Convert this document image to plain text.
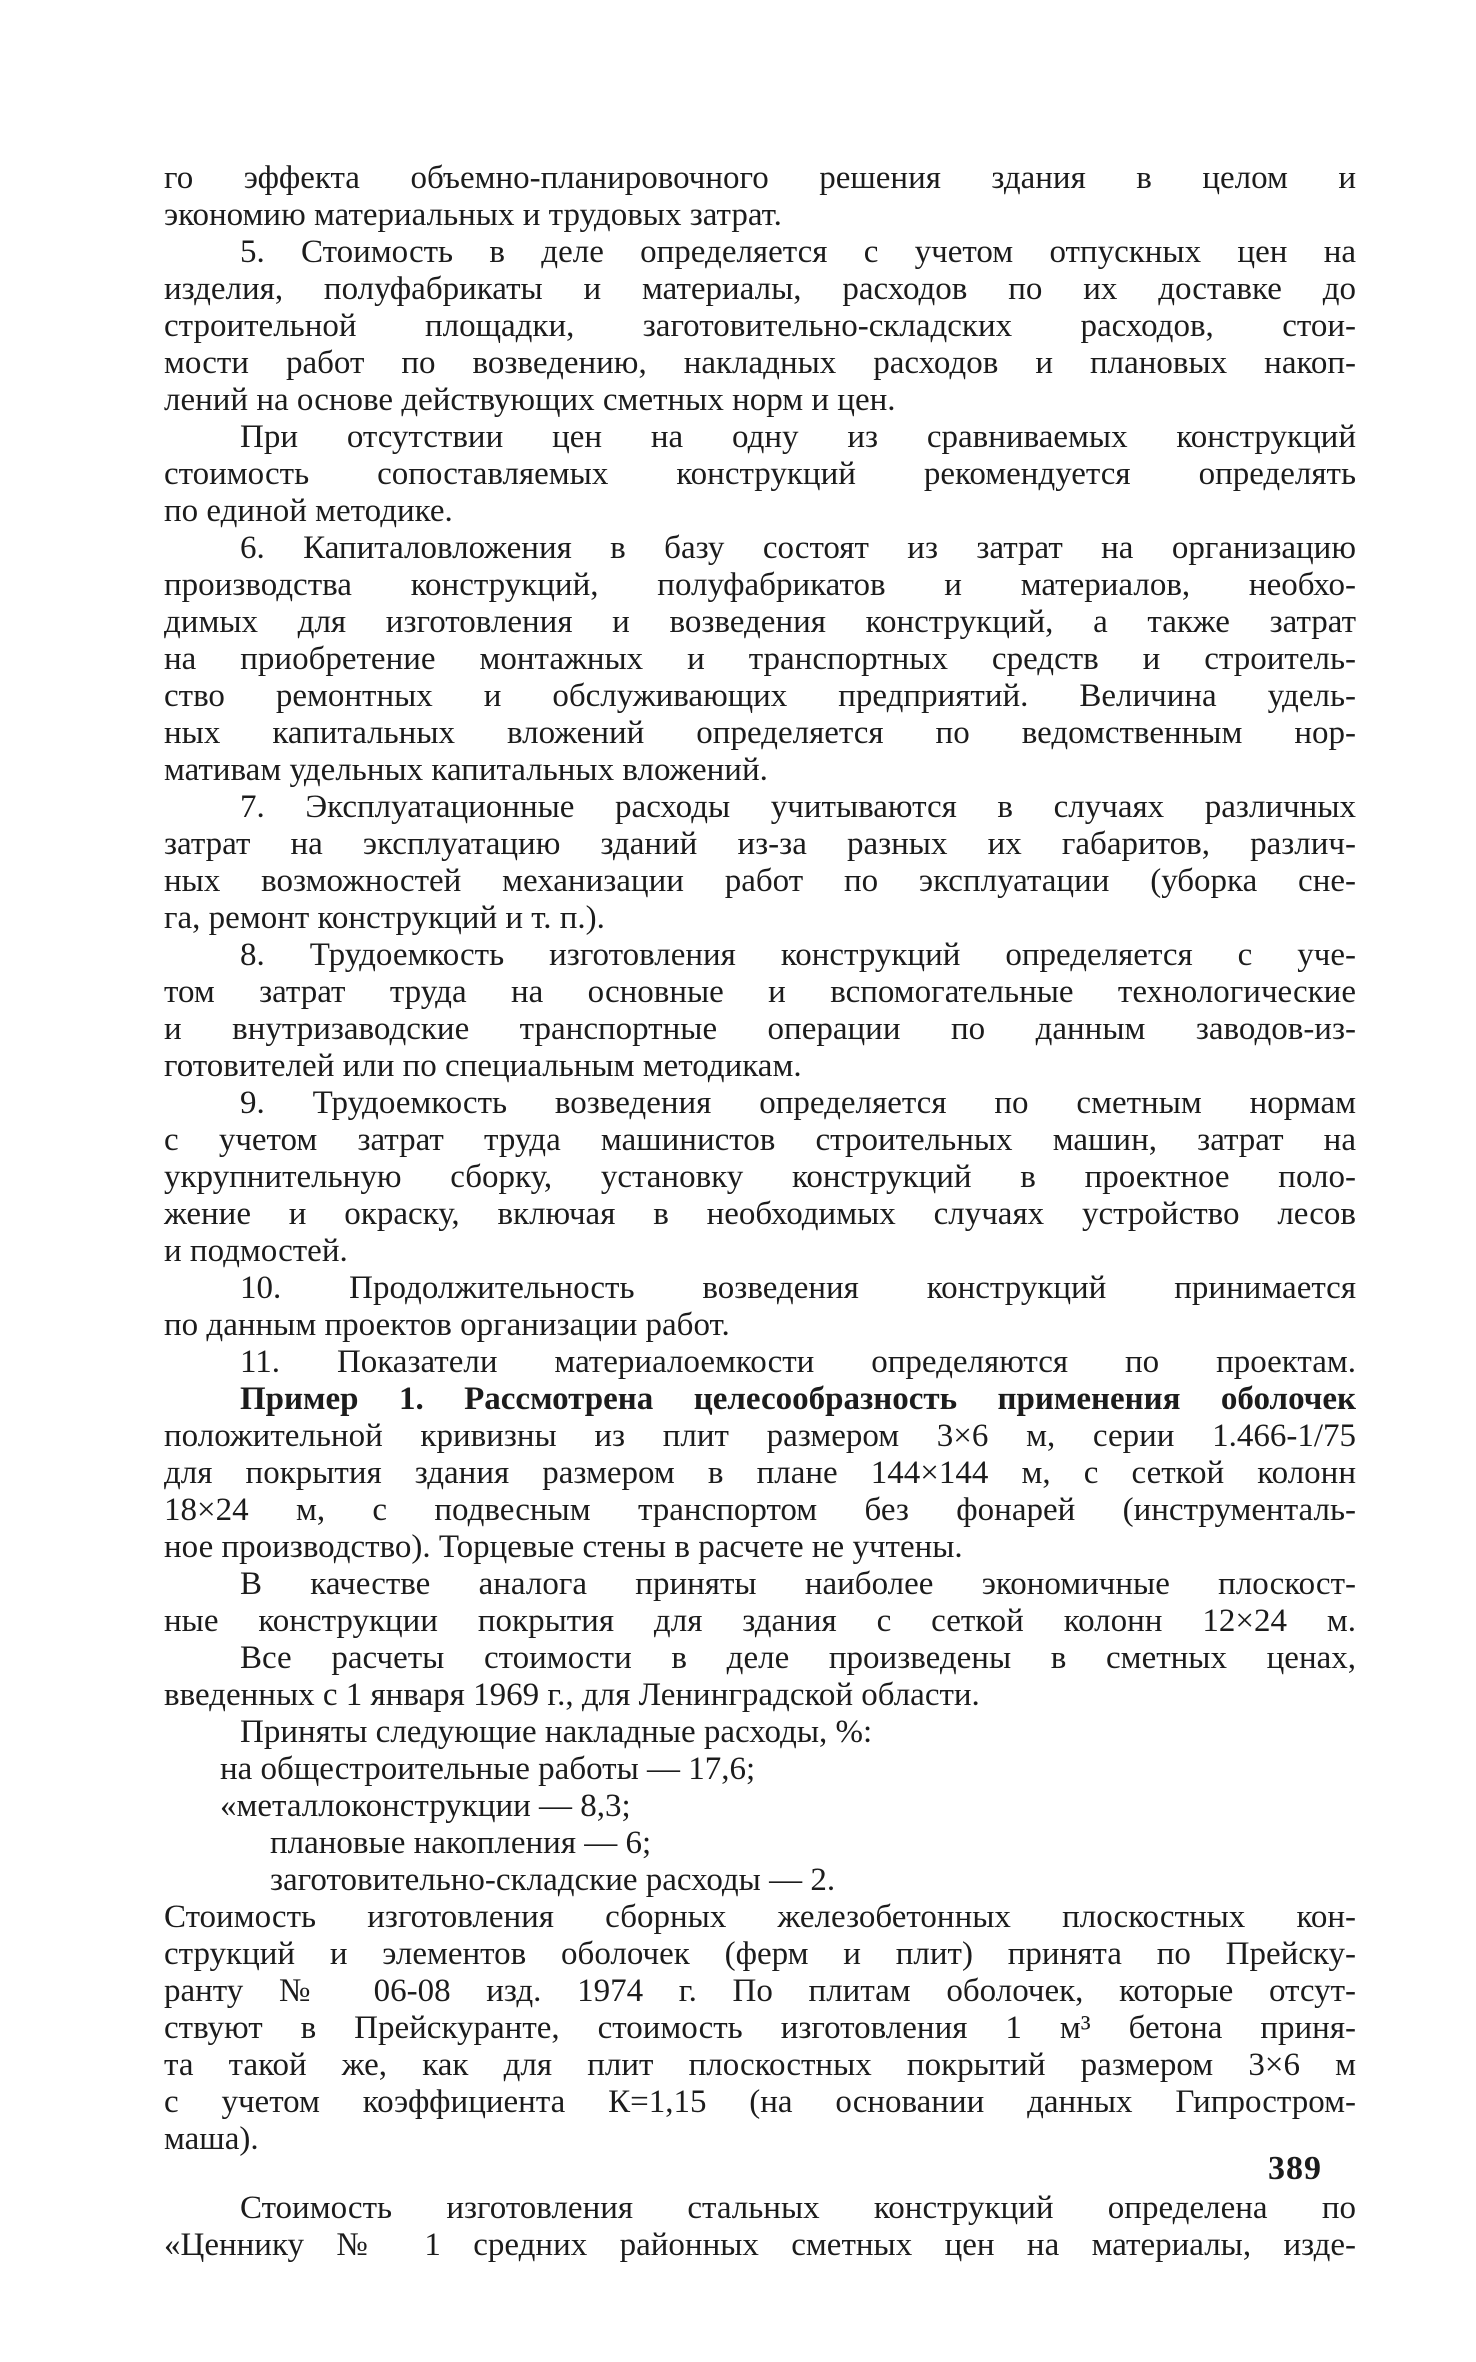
го эффекта объемно-планировочного решения здания в целом и
экономию материальных и трудовых затрат.
5. Стоимость в деле определяется с учетом отпускных цен на
изделия, полуфабрикаты и материалы, расходов по их доставке до
строительной площадки, заготовительно-складских расходов, стои-
мости работ по возведению, накладных расходов и плановых накоп-
лений на основе действующих сметных норм и цен.
При отсутствии цен на одну из сравниваемых конструкций
стоимость сопоставляемых конструкций рекомендуется определять
по единой методике.
6. Капиталовложения в базу состоят из затрат на организацию
производства конструкций, полуфабрикатов и материалов, необхо-
димых для изготовления и возведения конструкций, а также затрат
на приобретение монтажных и транспортных средств и строитель-
ство ремонтных и обслуживающих предприятий. Величина удель-
ных капитальных вложений определяется по ведомственным нор-
мативам удельных капитальных вложений.
7. Эксплуатационные расходы учитываются в случаях различных
затрат на эксплуатацию зданий из-за разных их габаритов, различ-
ных возможностей механизации работ по эксплуатации (уборка сне-
га, ремонт конструкций и т. п.).
8. Трудоемкость изготовления конструкций определяется с уче-
том затрат труда на основные и вспомогательные технологические
и внутризаводские транспортные операции по данным заводов-из-
готовителей или по специальным методикам.
9. Трудоемкость возведения определяется по сметным нормам
с учетом затрат труда машинистов строительных машин, затрат на
укрупнительную сборку, установку конструкций в проектное поло-
жение и окраску, включая в необходимых случаях устройство лесов
и подмостей.
10. Продолжительность возведения конструкций принимается
по данным проектов организации работ.
11. Показатели материалоемкости определяются по проектам.
Пример 1. Рассмотрена целесообразность применения оболочек
положительной кривизны из плит размером 3×6 м, серии 1.466-1/75
для покрытия здания размером в плане 144×144 м, с сеткой колонн
18×24 м, с подвесным транспортом без фонарей (инструменталь-
ное производство). Торцевые стены в расчете не учтены.
В качестве аналога приняты наиболее экономичные плоскост-
ные конструкции покрытия для здания с сеткой колонн 12×24 м.
Все расчеты стоимости в деле произведены в сметных ценах,
введенных с 1 января 1969 г., для Ленинградской области.
Приняты следующие накладные расходы, %:
на общестроительные работы — 17,6;
«металлоконструкции — 8,3;
плановые накопления — 6;
заготовительно-складские расходы — 2.
Стоимость изготовления сборных железобетонных плоскостных кон-
струкций и элементов оболочек (ферм и плит) принята по Прейску-
ранту № 06-08 изд. 1974 г. По плитам оболочек, которые отсут-
ствуют в Прейскуранте, стоимость изготовления 1 м³ бетона приня-
та такой же, как для плит плоскостных покрытий размером 3×6 м
с учетом коэффициента К=1,15 (на основании данных Гипростром-
маша).
Стоимость изготовления стальных конструкций определена по
«Ценнику № 1 средних районных сметных цен на материалы, изде-
389
